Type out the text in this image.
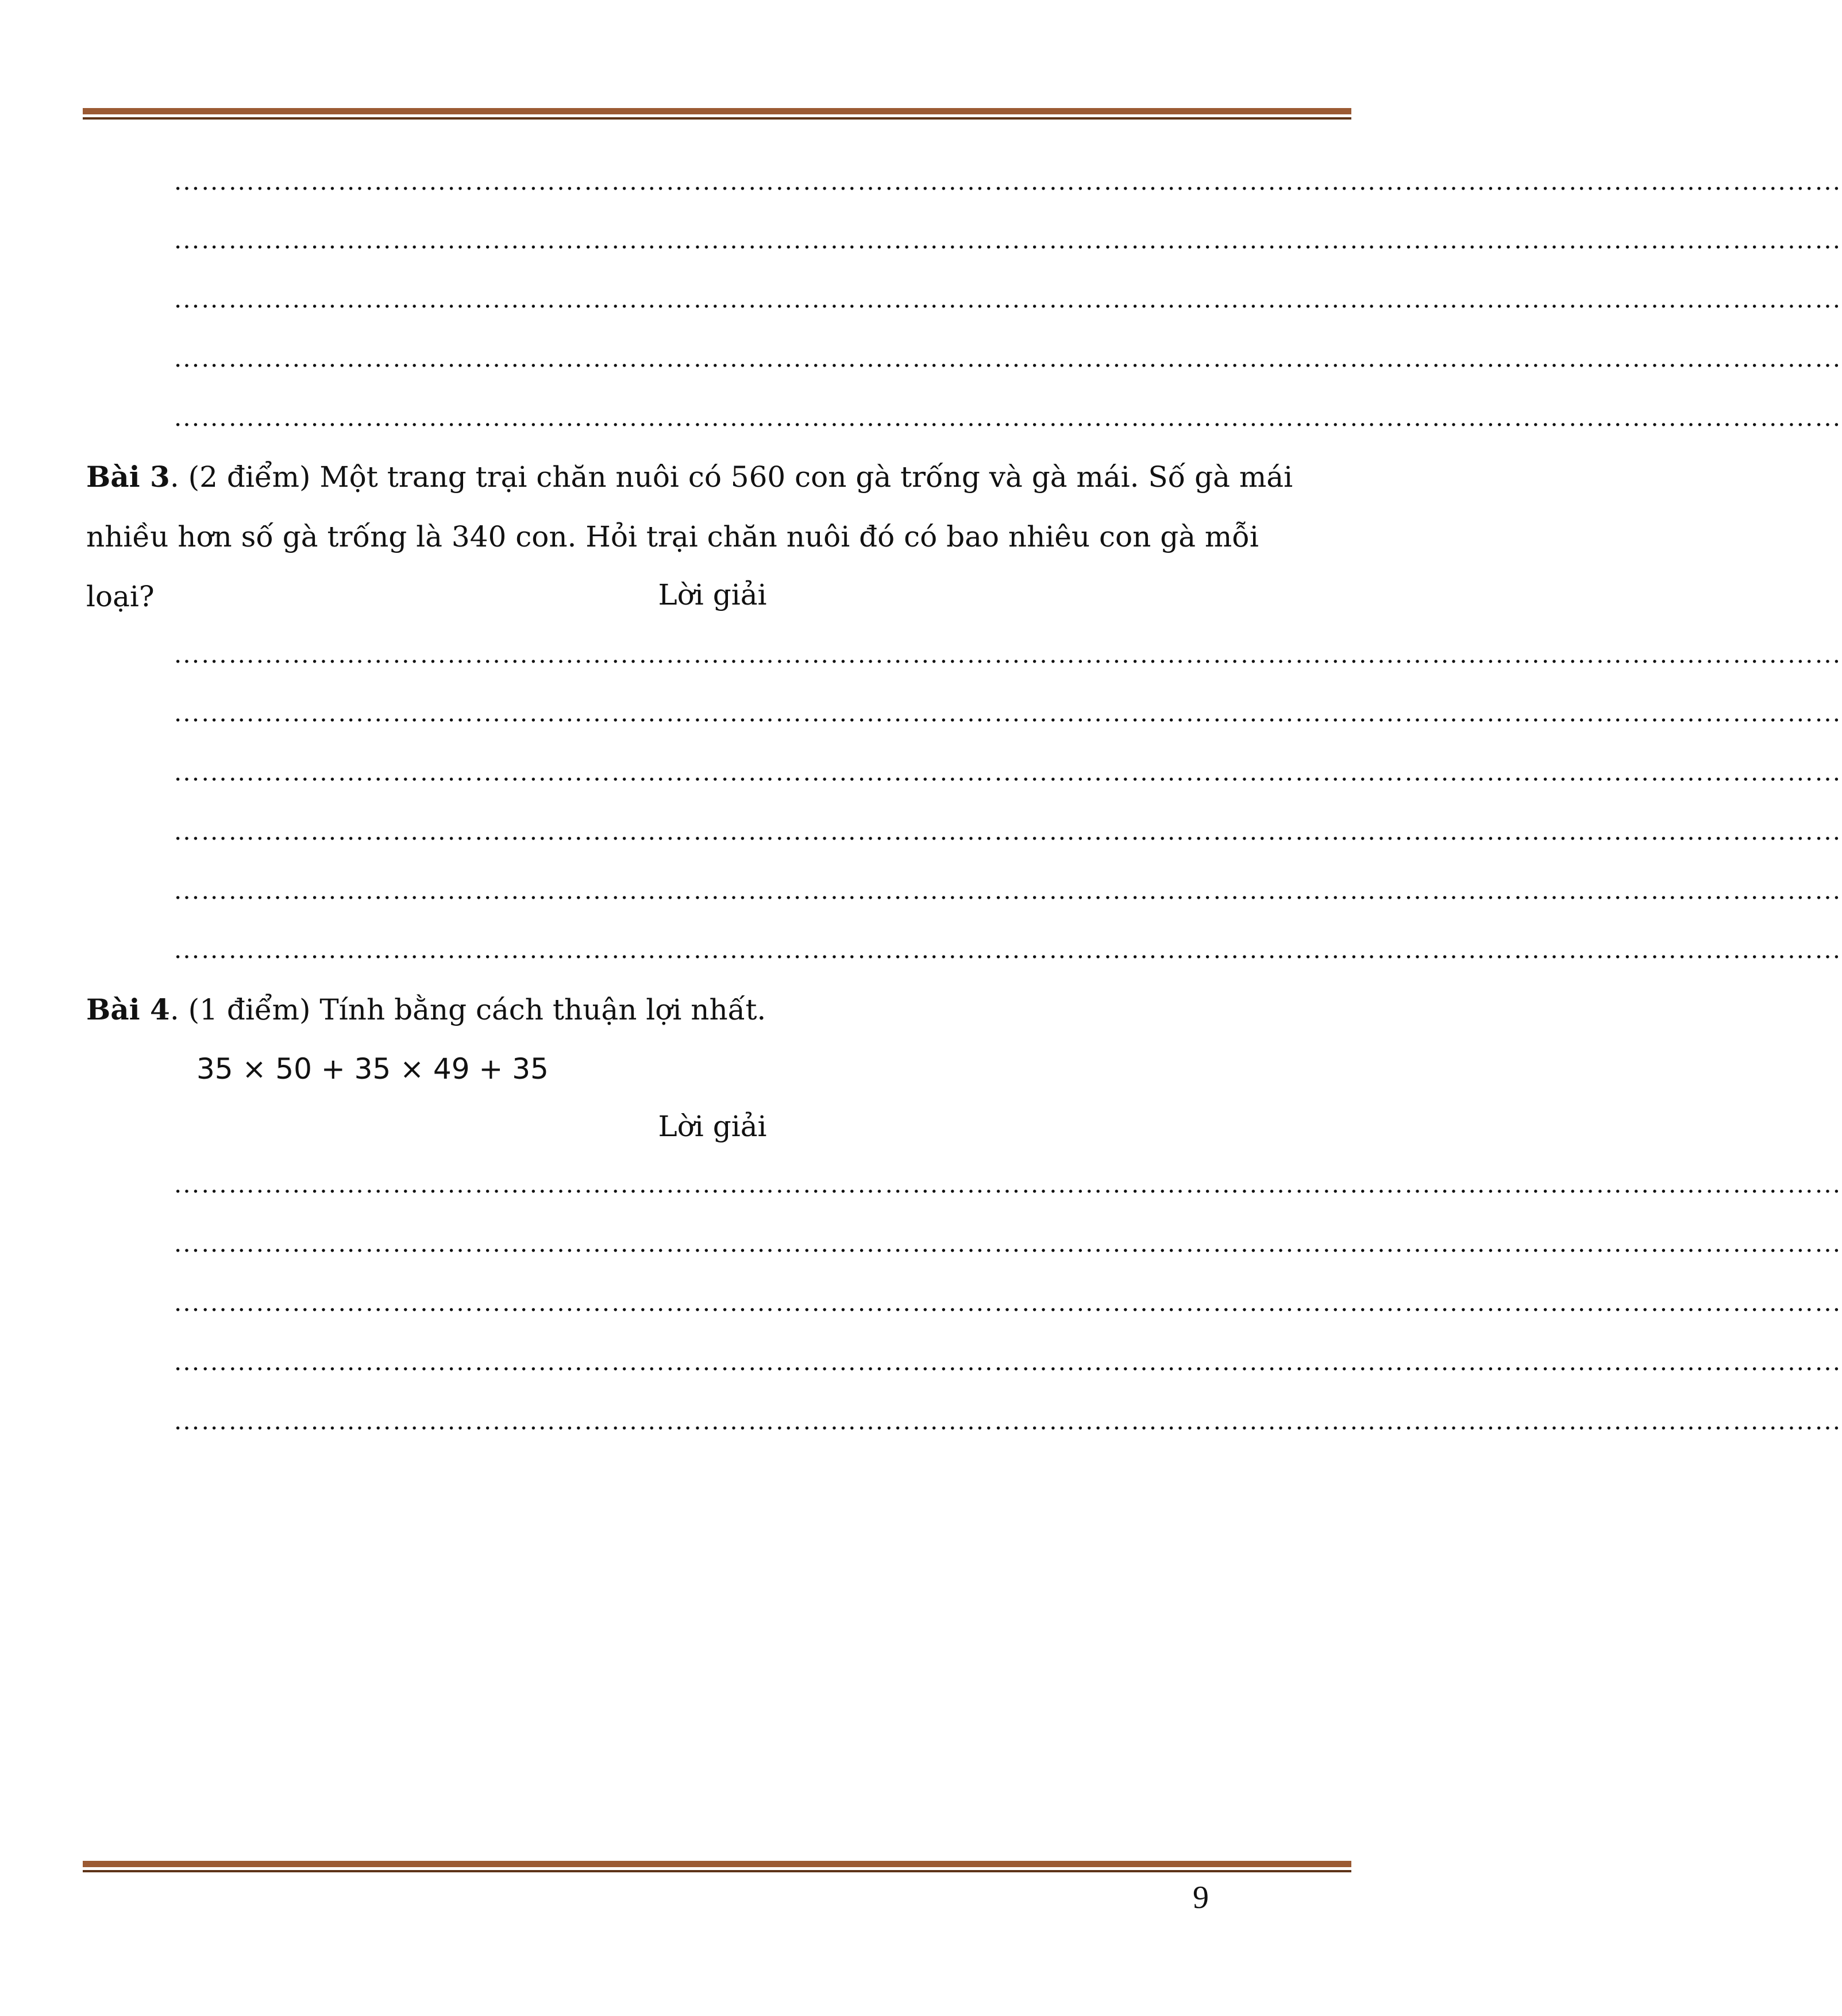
…………………………………………………………………………………………………………………………………………………………………
…………………………………………………………………………………………………………………………………………………………………
…………………………………………………………………………………………………………………………………………………………………
…………………………………………………………………………………………………………………………………………………………………
…………………………………………………………………………………………………………………………………………………………………
Bài 3. (2 điểm) Một trang trại chăn nuôi có 560 con gà trống và gà mái. Số gà mái nhiều hơn số gà trống là 340 con. Hỏi trại chăn nuôi đó có bao nhiêu con gà mỗi loại?	Lời giải
…………………………………………………………………………………………………………………………………………………………………
…………………………………………………………………………………………………………………………………………………………………
…………………………………………………………………………………………………………………………………………………………………
…………………………………………………………………………………………………………………………………………………………………
…………………………………………………………………………………………………………………………………………………………………
…………………………………………………………………………………………………………………………………………………………………
Bài 4. (1 điểm) Tính bằng cách thuận lợi nhất.
35 × 50 + 35 × 49 + 35
Lời giải
…………………………………………………………………………………………………………………………………………………………………
…………………………………………………………………………………………………………………………………………………………………
…………………………………………………………………………………………………………………………………………………………………
…………………………………………………………………………………………………………………………………………………………………
…………………………………………………………………………………………………………………………………………………………………
9
